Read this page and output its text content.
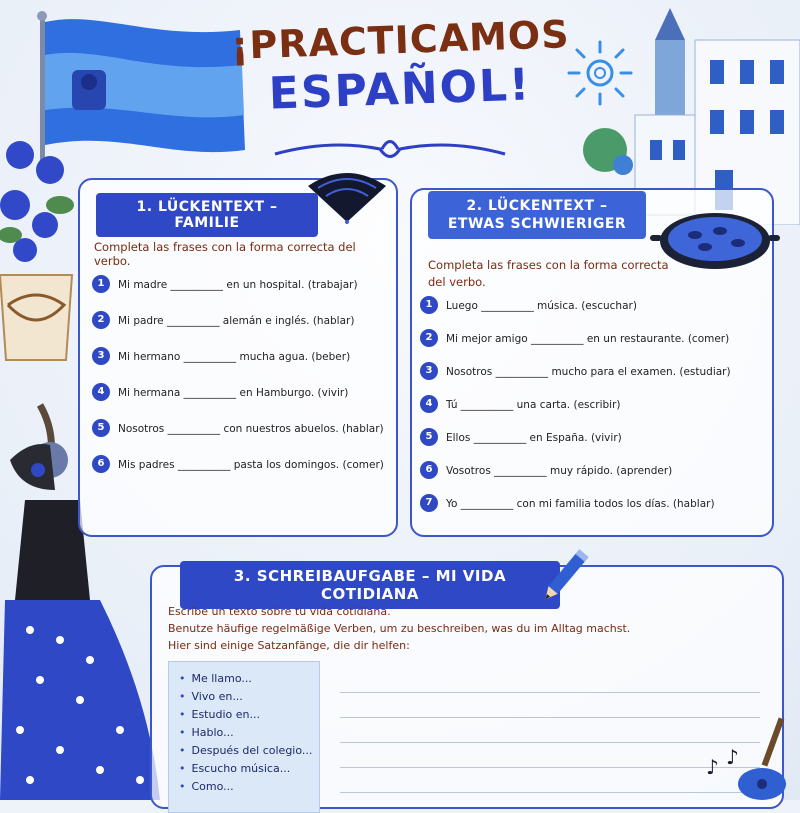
¡PRACTICAMOS
ESPAÑOL!
1. LÜCKENTEXT – FAMILIE
Completa las frases con la forma correcta del verbo.
1	Mi madre __________ en un hospital. (trabajar)
2	Mi padre __________ alemán e inglés. (hablar)
3	Mi hermano __________ mucha agua. (beber)
4	Mi hermana __________ en Hamburgo. (vivir)
5	Nosotros __________ con nuestros abuelos. (hablar)
6	Mis padres __________ pasta los domingos. (comer)
2. LÜCKENTEXT – ETWAS SCHWIERIGER
Completa las frases con la forma correcta del verbo.
1	Luego __________ música. (escuchar)
2	Mi mejor amigo __________ en un restaurante. (comer)
3	Nosotros __________ mucho para el examen. (estudiar)
4	Tú __________ una carta. (escribir)
5	Ellos __________ en España. (vivir)
6	Vosotros __________ muy rápido. (aprender)
7	Yo __________ con mi familia todos los días. (hablar)
3. SCHREIBAUFGABE – MI VIDA COTIDIANA
Escribe un texto sobre tu vida cotidiana.
Benutze häufige regelmäßige Verben, um zu beschreiben, was du im Alltag machst.
Hier sind einige Satzanfänge, die dir helfen:
• Me llamo...
• Vivo en...
• Estudio en...
• Hablo...
• Después del colegio...
• Escucho música...
• Como...
♪ ♪
